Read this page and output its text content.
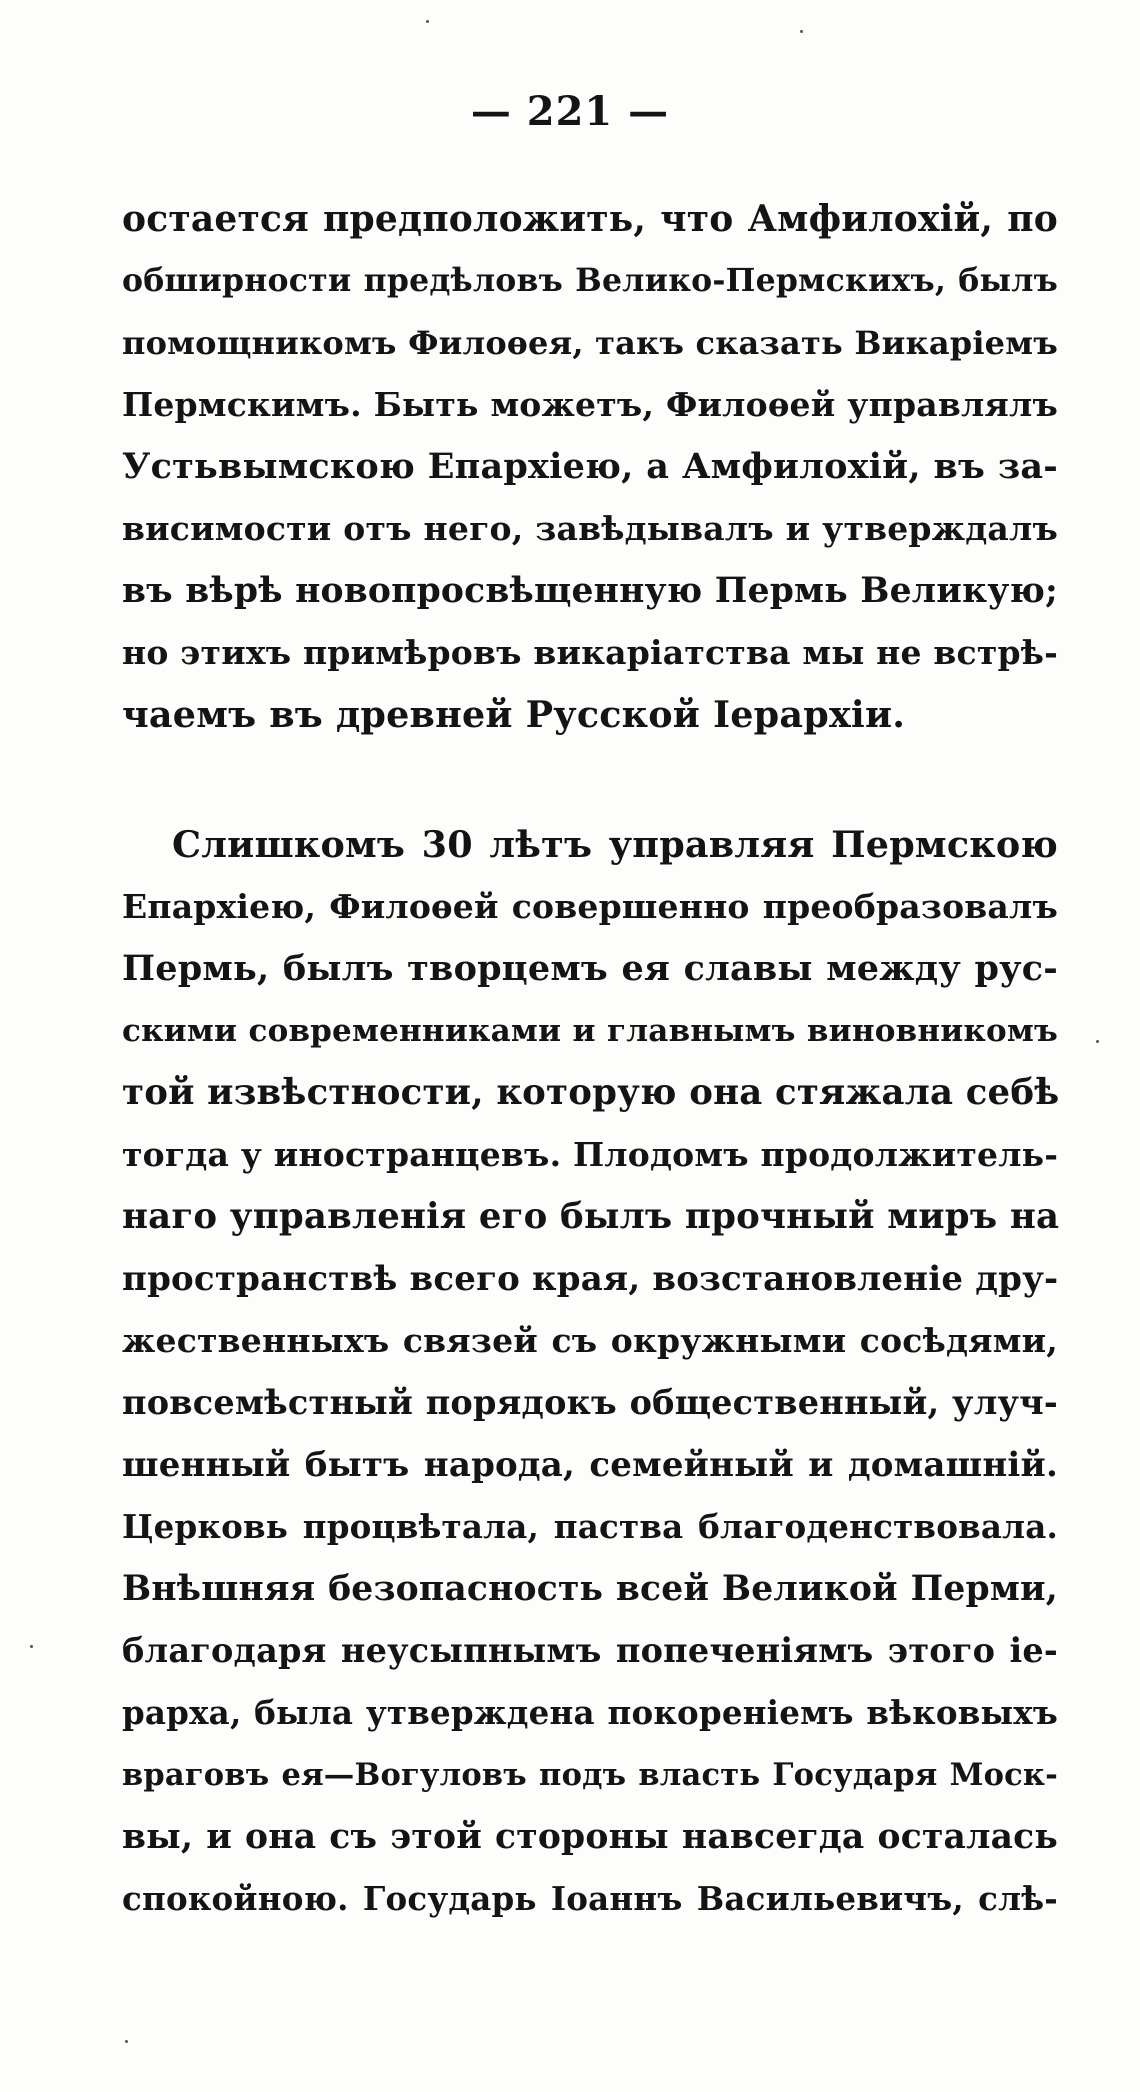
— 221 —

остается предположить, что Амфилохій, по
обширности предѣловъ Велико-Пермскихъ, былъ
помощникомъ Филоѳея, такъ сказать Викаріемъ
Пермскимъ. Быть можетъ, Филоѳей управлялъ
Устьвымскою Епархіею, а Амфилохій, въ за-
висимости отъ него, завѣдывалъ и утверждалъ
въ вѣрѣ новопросвѣщенную Пермь Великую;
но этихъ примѣровъ викаріатства мы не встрѣ-
чаемъ въ древней Русской Іерархіи.

Слишкомъ 30 лѣтъ управляя Пермскою
Епархіею, Филоѳей совершенно преобразовалъ
Пермь, былъ творцемъ ея славы между рус-
скими современниками и главнымъ виновникомъ
той извѣстности, которую она стяжала себѣ
тогда у иностранцевъ. Плодомъ продолжитель-
наго управленія его былъ прочный миръ на
пространствѣ всего края, возстановленіе дру-
жественныхъ связей съ окружными сосѣдями,
повсемѣстный порядокъ общественный, улуч-
шенный бытъ народа, семейный и домашній.
Церковь процвѣтала, паства благоденствовала.
Внѣшняя безопасность всей Великой Перми,
благодаря неусыпнымъ попеченіямъ этого іе-
рарха, была утверждена покореніемъ вѣковыхъ
враговъ ея—Вогуловъ подъ власть Государя Моск-
вы, и она съ этой стороны навсегда осталась
спокойною. Государь Іоаннъ Васильевичъ, слѣ-
